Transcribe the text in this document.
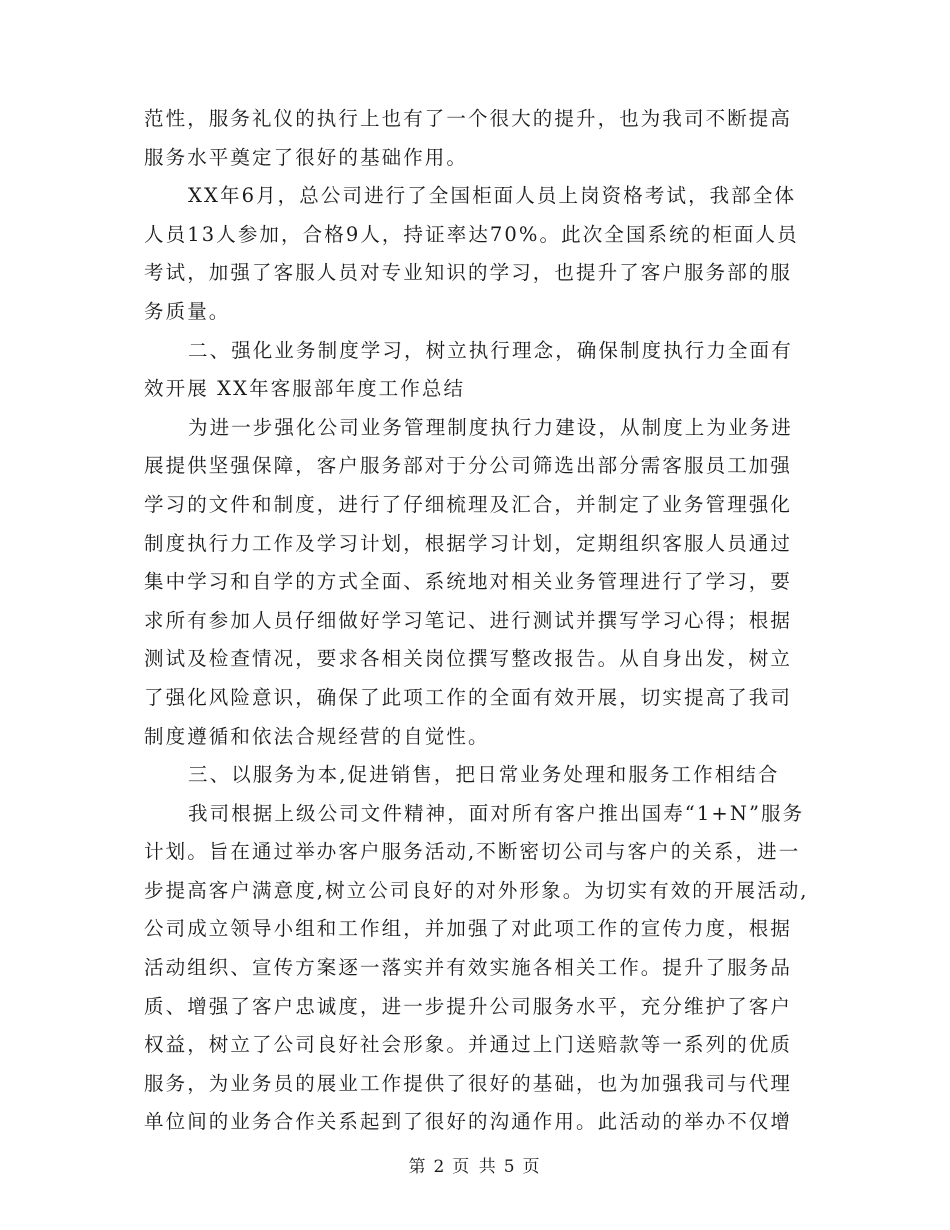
范性，服务礼仪的执行上也有了一个很大的提升，也为我司不断提高
服务水平奠定了很好的基础作用。
XX年6月，总公司进行了全国柜面人员上岗资格考试，我部全体
人员13人参加，合格9人，持证率达70%。此次全国系统的柜面人员
考试，加强了客服人员对专业知识的学习，也提升了客户服务部的服
务质量。
二、强化业务制度学习，树立执行理念，确保制度执行力全面有
效开展 XX年客服部年度工作总结
为进一步强化公司业务管理制度执行力建设，从制度上为业务进
展提供坚强保障，客户服务部对于分公司筛选出部分需客服员工加强
学习的文件和制度，进行了仔细梳理及汇合，并制定了业务管理强化
制度执行力工作及学习计划，根据学习计划，定期组织客服人员通过
集中学习和自学的方式全面、系统地对相关业务管理进行了学习，要
求所有参加人员仔细做好学习笔记、进行测试并撰写学习心得；根据
测试及检查情况，要求各相关岗位撰写整改报告。从自身出发，树立
了强化风险意识，确保了此项工作的全面有效开展，切实提高了我司
制度遵循和依法合规经营的自觉性。
三、以服务为本,促进销售，把日常业务处理和服务工作相结合
我司根据上级公司文件精神，面对所有客户推出国寿“1+N”服务
计划。旨在通过举办客户服务活动,不断密切公司与客户的关系，进一
步提高客户满意度,树立公司良好的对外形象。为切实有效的开展活动,
公司成立领导小组和工作组，并加强了对此项工作的宣传力度，根据
活动组织、宣传方案逐一落实并有效实施各相关工作。提升了服务品
质、增强了客户忠诚度，进一步提升公司服务水平，充分维护了客户
权益，树立了公司良好社会形象。并通过上门送赔款等一系列的优质
服务，为业务员的展业工作提供了很好的基础，也为加强我司与代理
单位间的业务合作关系起到了很好的沟通作用。此活动的举办不仅增
第 2 页 共 5 页
